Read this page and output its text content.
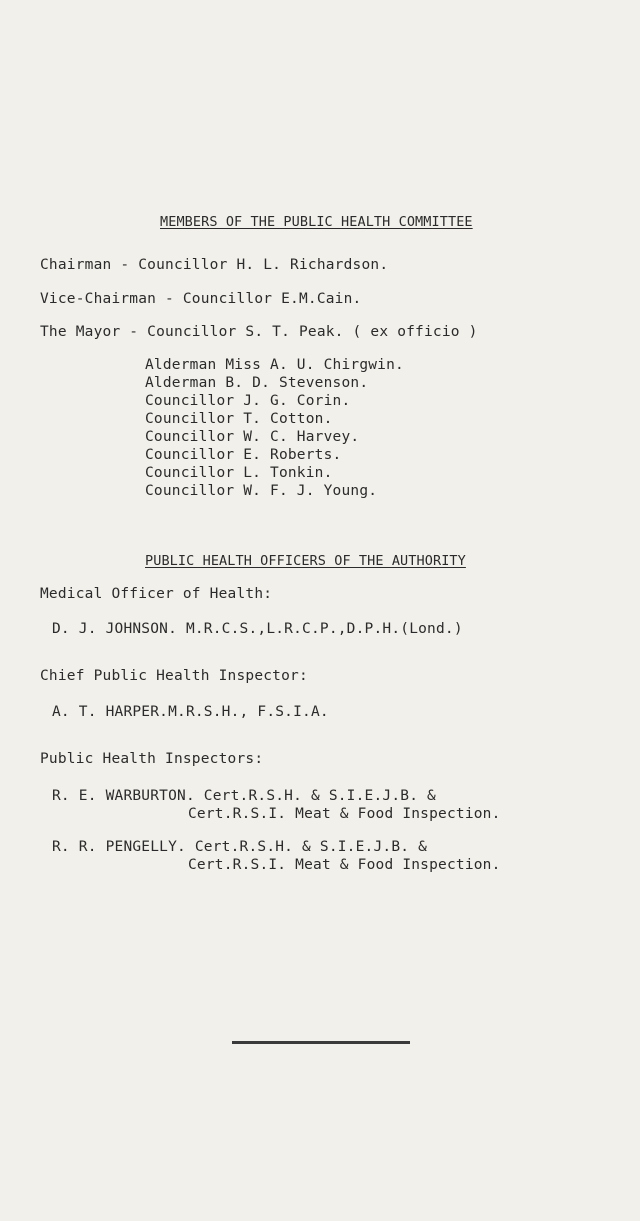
MEMBERS OF THE PUBLIC HEALTH COMMITTEE
Chairman - Councillor H. L. Richardson.
Vice-Chairman - Councillor E.M.Cain.
The Mayor - Councillor S. T. Peak. ( ex officio )
Alderman Miss A. U. Chirgwin.
Alderman B. D. Stevenson.
Councillor J. G. Corin.
Councillor T. Cotton.
Councillor W. C. Harvey.
Councillor E. Roberts.
Councillor L. Tonkin.
Councillor W. F. J. Young.
PUBLIC HEALTH OFFICERS OF THE AUTHORITY
Medical Officer of Health:
D. J. JOHNSON. M.R.C.S.,L.R.C.P.,D.P.H.(Lond.)
Chief Public Health Inspector:
A. T. HARPER.M.R.S.H., F.S.I.A.
Public Health Inspectors:
R. E. WARBURTON. Cert.R.S.H. & S.I.E.J.B. &
Cert.R.S.I. Meat & Food Inspection.
R. R. PENGELLY. Cert.R.S.H. & S.I.E.J.B. &
Cert.R.S.I. Meat & Food Inspection.
